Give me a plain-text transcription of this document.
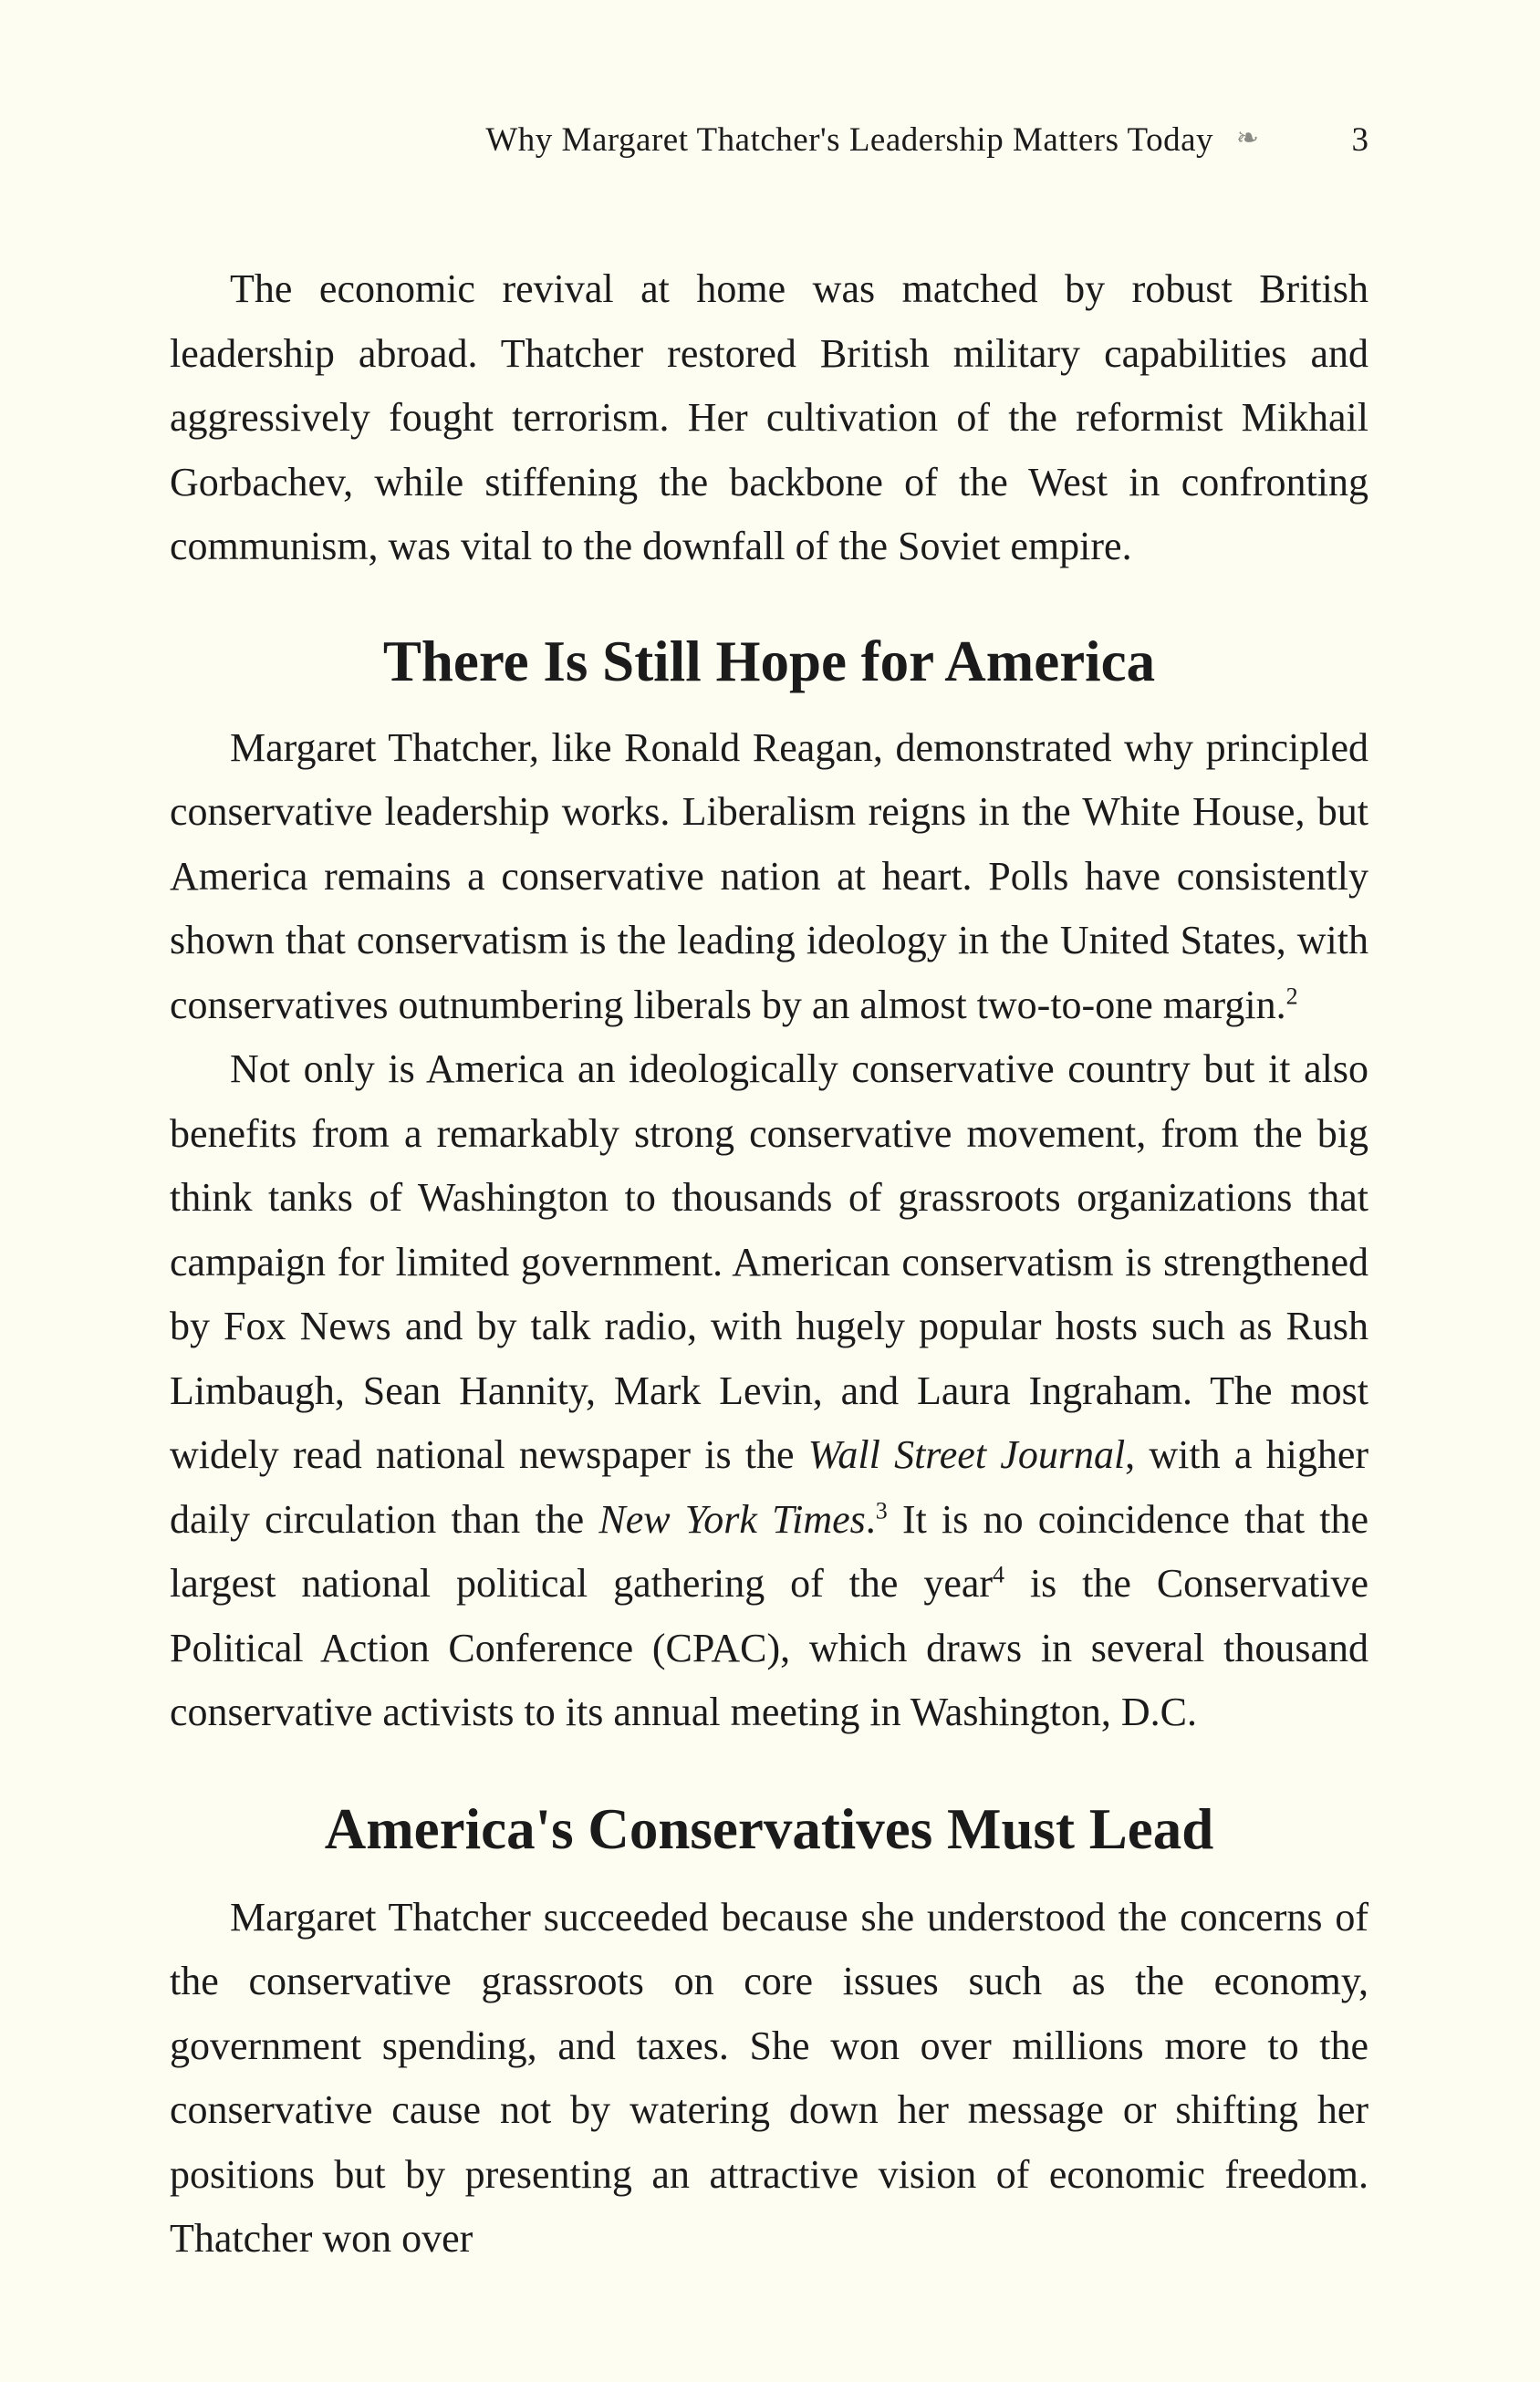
Why Margaret Thatcher's Leadership Matters Today ❧	3

The economic revival at home was matched by robust British leadership abroad. Thatcher restored British military capabilities and aggressively fought terrorism. Her cultivation of the reformist Mikhail Gorbachev, while stiffening the backbone of the West in confronting communism, was vital to the downfall of the Soviet empire.

There Is Still Hope for America

Margaret Thatcher, like Ronald Reagan, demonstrated why principled conservative leadership works. Liberalism reigns in the White House, but America remains a conservative nation at heart. Polls have consistently shown that conservatism is the leading ideology in the United States, with conservatives outnumbering liberals by an almost two-to-one margin.$^2$

Not only is America an ideologically conservative country but it also benefits from a remarkably strong conservative movement, from the big think tanks of Washington to thousands of grassroots organizations that campaign for limited government. American conservatism is strengthened by Fox News and by talk radio, with hugely popular hosts such as Rush Limbaugh, Sean Hannity, Mark Levin, and Laura Ingraham. The most widely read national newspaper is the Wall Street Journal, with a higher daily circulation than the New York Times.$^3$ It is no coincidence that the largest national political gathering of the year$^4$ is the Conservative Political Action Conference (CPAC), which draws in several thousand conservative activists to its annual meeting in Washington, D.C.

America's Conservatives Must Lead

Margaret Thatcher succeeded because she understood the concerns of the conservative grassroots on core issues such as the economy, government spending, and taxes. She won over millions more to the conservative cause not by watering down her message or shifting her positions but by presenting an attractive vision of economic freedom. Thatcher won over
